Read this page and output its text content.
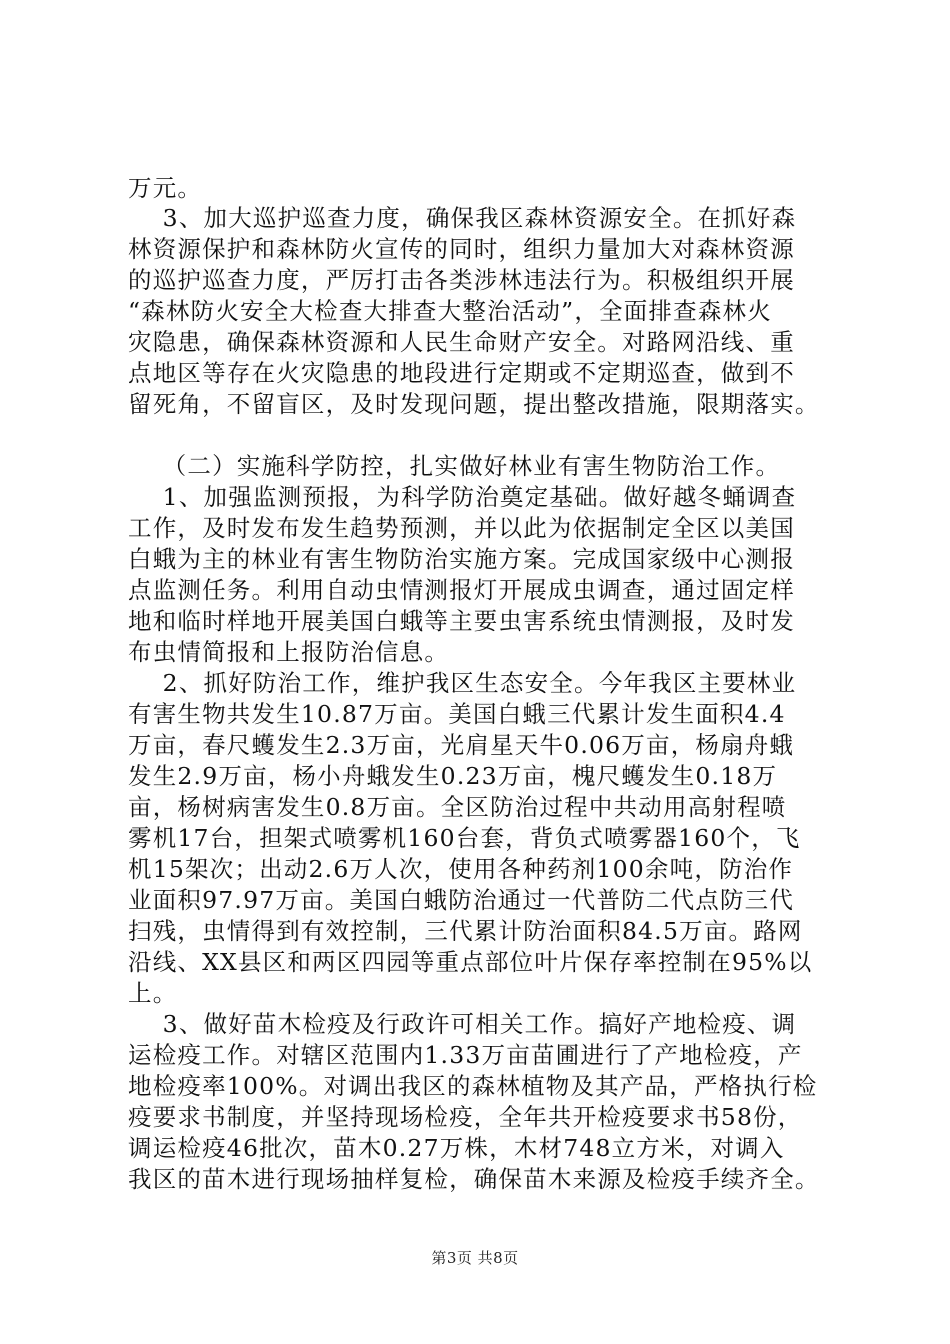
万元。
3、加大巡护巡查力度，确保我区森林资源安全。在抓好森
林资源保护和森林防火宣传的同时，组织力量加大对森林资源
的巡护巡查力度，严厉打击各类涉林违法行为。积极组织开展
“森林防火安全大检查大排查大整治活动”，全面排查森林火
灾隐患，确保森林资源和人民生命财产安全。对路网沿线、重
点地区等存在火灾隐患的地段进行定期或不定期巡查，做到不
留死角，不留盲区，及时发现问题，提出整改措施，限期落实。
（二）实施科学防控，扎实做好林业有害生物防治工作。
1、加强监测预报，为科学防治奠定基础。做好越冬蛹调查
工作，及时发布发生趋势预测，并以此为依据制定全区以美国
白蛾为主的林业有害生物防治实施方案。完成国家级中心测报
点监测任务。利用自动虫情测报灯开展成虫调查，通过固定样
地和临时样地开展美国白蛾等主要虫害系统虫情测报，及时发
布虫情简报和上报防治信息。
2、抓好防治工作，维护我区生态安全。今年我区主要林业
有害生物共发生10.87万亩。美国白蛾三代累计发生面积4.4
万亩，春尺蠖发生2.3万亩，光肩星天牛0.06万亩，杨扇舟蛾
发生2.9万亩，杨小舟蛾发生0.23万亩，槐尺蠖发生0.18万
亩，杨树病害发生0.8万亩。全区防治过程中共动用高射程喷
雾机17台，担架式喷雾机160台套，背负式喷雾器160个，飞
机15架次；出动2.6万人次，使用各种药剂100余吨，防治作
业面积97.97万亩。美国白蛾防治通过一代普防二代点防三代
扫残，虫情得到有效控制，三代累计防治面积84.5万亩。路网
沿线、XX县区和两区四园等重点部位叶片保存率控制在95%以
上。
3、做好苗木检疫及行政许可相关工作。搞好产地检疫、调
运检疫工作。对辖区范围内1.33万亩苗圃进行了产地检疫，产
地检疫率100%。对调出我区的森林植物及其产品，严格执行检
疫要求书制度，并坚持现场检疫，全年共开检疫要求书58份，
调运检疫46批次，苗木0.27万株，木材748立方米，对调入
我区的苗木进行现场抽样复检，确保苗木来源及检疫手续齐全。
第3页 共8页
